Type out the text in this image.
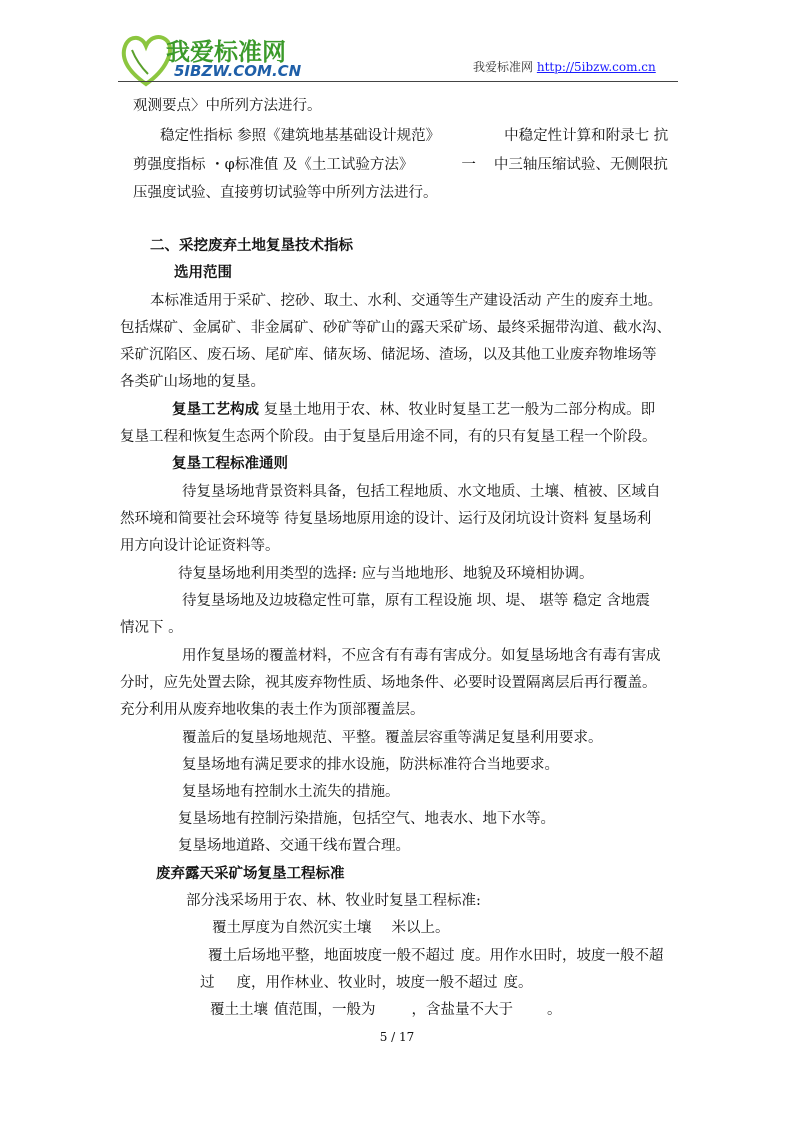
我爱标准网
5IBZW.COM.CN	我爱标准网 http://5ibzw.com.cn
观测要点〉中所列方法进行。
稳定性指标 参照《建筑地基基础设计规范》	中稳定性计算和附录七 抗
剪强度指标 ・φ标准值 及《土工试验方法》	一 中三轴压缩试验、无侧限抗
压强度试验、直接剪切试验等中所列方法进行。
二、采挖废弃土地复垦技术指标
选用范围
本标准适用于采矿、挖砂、取土、水利、交通等生产建设活动 产生的废弃土地。
包括煤矿、金属矿、非金属矿、砂矿等矿山的露天采矿场、最终采掘带沟道、截水沟、
采矿沉陷区、废石场、尾矿库、储灰场、储泥场、渣场，以及其他工业废弃物堆场等
各类矿山场地的复垦。
复垦工艺构成 复垦土地用于农、林、牧业时复垦工艺一般为二部分构成。即
复垦工程和恢复生态两个阶段。由于复垦后用途不同，有的只有复垦工程一个阶段。
复垦工程标准通则
待复垦场地背景资料具备，包括工程地质、水文地质、土壤、植被、区域自
然环境和简要社会环境等 待复垦场地原用途的设计、运行及闭坑设计资料 复垦场利
用方向设计论证资料等。
待复垦场地利用类型的选择: 应与当地地形、地貌及环境相协调。
待复垦场地及边坡稳定性可靠，原有工程设施 坝、堤、 堪等 稳定 含地震
情况下 。
用作复垦场的覆盖材料，不应含有有毒有害成分。如复垦场地含有毒有害成
分时，应先处置去除，视其废弃物性质、场地条件、必要时设置隔离层后再行覆盖。
充分利用从废弃地收集的表土作为顶部覆盖层。
覆盖后的复垦场地规范、平整。覆盖层容重等满足复垦利用要求。
复垦场地有满足要求的排水设施，防洪标准符合当地要求。
复垦场地有控制水土流失的措施。
复垦场地有控制污染措施，包括空气、地表水、地下水等。
复垦场地道路、交通干线布置合理。
废弃露天采矿场复垦工程标准
部分浅采场用于农、林、牧业时复垦工程标准:
覆土厚度为自然沉实土壤 米以上。
覆土后场地平整，地面坡度一般不超过 度。用作水田时，坡度一般不超
过 度，用作林业、牧业时，坡度一般不超过 度。
覆土土壤 值范围，一般为 ，含盐量不大于 。
5 / 17
